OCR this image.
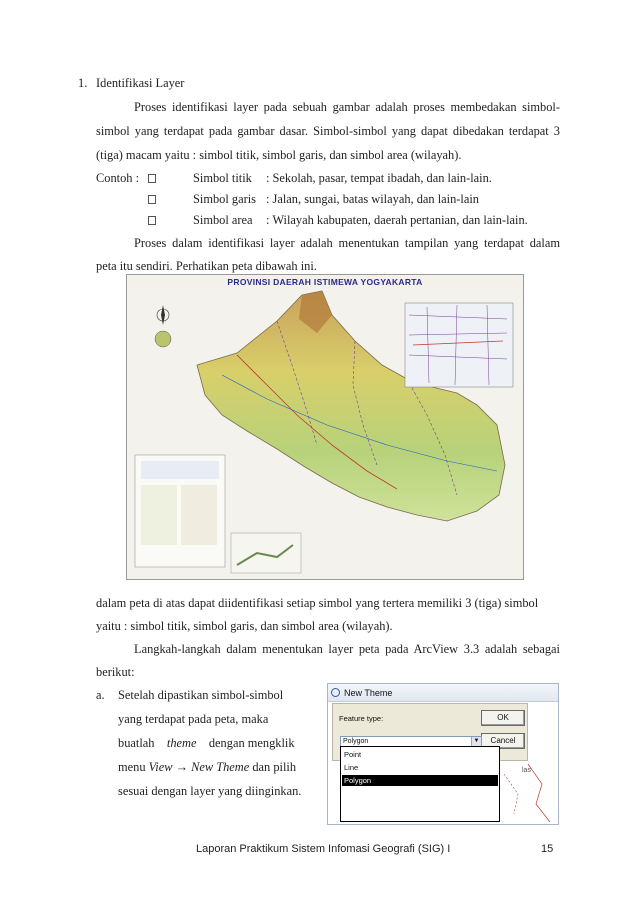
1. Identifikasi Layer
Proses identifikasi layer pada sebuah gambar adalah proses membedakan simbol-
simbol yang terdapat pada gambar dasar. Simbol-simbol yang dapat dibedakan terdapat 3
(tiga) macam yaitu : simbol titik, simbol garis, dan simbol area (wilayah).
Contoh :	Simbol titik : Sekolah, pasar, tempat ibadah, dan lain-lain.
Simbol garis : Jalan, sungai, batas wilayah, dan lain-lain
Simbol area : Wilayah kabupaten, daerah pertanian, dan lain-lain.
Proses dalam identifikasi layer adalah menentukan tampilan yang terdapat dalam
peta itu sendiri. Perhatikan peta dibawah ini.
PROVINSI DAERAH ISTIMEWA YOGYAKARTA
dalam peta di atas dapat diidentifikasi setiap simbol yang tertera memiliki 3 (tiga) simbol
yaitu : simbol titik, simbol garis, dan simbol area (wilayah).
Langkah-langkah dalam menentukan layer peta pada ArcView 3.3 adalah sebagai
berikut:
a. Setelah dipastikan simbol-simbol
yang terdapat pada peta, maka
buatlah theme dengan mengklik
menu View → New Theme dan pilih
sesuai dengan layer yang diinginkan.
las
New Theme
Feature type:	OK
Cancel
Polygon	▼
Point
Line
Polygon
Laporan Praktikum Sistem Infomasi Geografi (SIG) I	15
